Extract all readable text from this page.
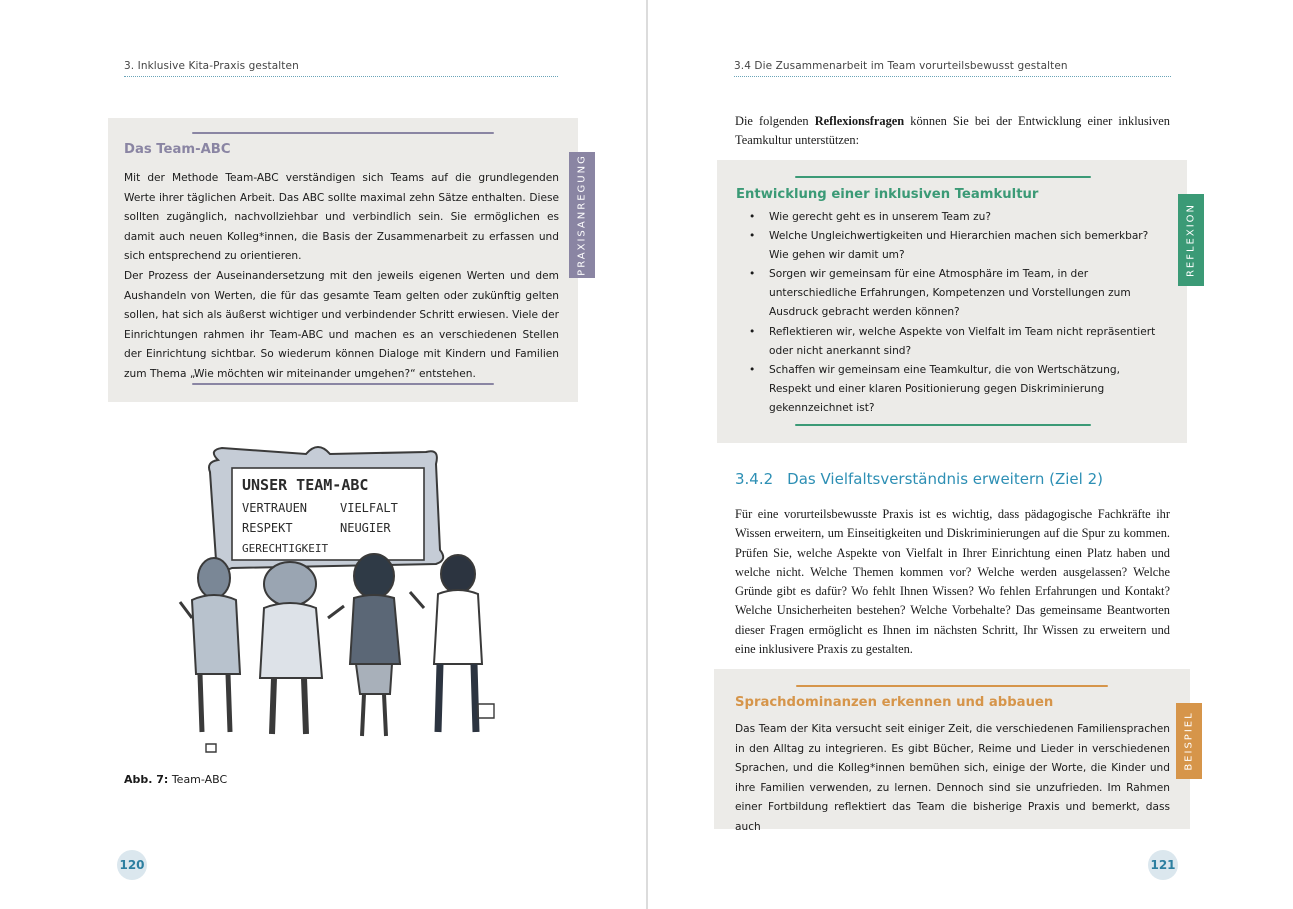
3. Inklusive Kita-Praxis gestalten
Das Team-ABC
Mit der Methode Team-ABC verständigen sich Teams auf die grundlegenden Werte ihrer täglichen Arbeit. Das ABC sollte maximal zehn Sätze enthalten. Diese sollten zugänglich, nachvollziehbar und verbindlich sein. Sie ermöglichen es damit auch neuen Kolleg*innen, die Basis der Zusammenarbeit zu erfassen und sich entsprechend zu orientieren.
Der Prozess der Auseinandersetzung mit den jeweils eigenen Werten und dem Aushandeln von Werten, die für das gesamte Team gelten oder zukünftig gelten sollen, hat sich als äußerst wichtiger und verbindender Schritt erwiesen. Viele der Einrichtungen rahmen ihr Team-ABC und machen es an verschiedenen Stellen der Einrichtung sichtbar. So wiederum können Dialoge mit Kindern und Familien zum Thema „Wie möchten wir miteinander umgehen?“ entstehen.
PRAXISANREGUNG
UNSER TEAM-ABC
VERTRAUEN	VIELFALT
RESPEKT	NEUGIER
GERECHTIGKEIT
Abb. 7: Team-ABC
120
3.4 Die Zusammenarbeit im Team vorurteilsbewusst gestalten
Die folgenden Reflexionsfragen können Sie bei der Entwicklung einer inklusiven Teamkultur unterstützen:
Entwicklung einer inklusiven Teamkultur
• Wie gerecht geht es in unserem Team zu?
• Welche Ungleichwertigkeiten und Hierarchien machen sich bemerkbar? Wie gehen wir damit um?
• Sorgen wir gemeinsam für eine Atmosphäre im Team, in der unterschiedliche Erfahrungen, Kompetenzen und Vorstellungen zum Ausdruck gebracht werden können?
• Reflektieren wir, welche Aspekte von Vielfalt im Team nicht repräsentiert oder nicht anerkannt sind?
• Schaffen wir gemeinsam eine Teamkultur, die von Wertschätzung, Respekt und einer klaren Positionierung gegen Diskriminierung gekennzeichnet ist?
REFLEXION
3.4.2 Das Vielfaltsverständnis erweitern (Ziel 2)
Für eine vorurteilsbewusste Praxis ist es wichtig, dass pädagogische Fachkräfte ihr Wissen erweitern, um Einseitigkeiten und Diskriminierungen auf die Spur zu kommen. Prüfen Sie, welche Aspekte von Vielfalt in Ihrer Einrichtung einen Platz haben und welche nicht. Welche Themen kommen vor? Welche werden ausgelassen? Welche Gründe gibt es dafür? Wo fehlt Ihnen Wissen? Wo fehlen Erfahrungen und Kontakt? Welche Unsicherheiten bestehen? Welche Vorbehalte? Das gemeinsame Beantworten dieser Fragen ermöglicht es Ihnen im nächsten Schritt, Ihr Wissen zu erweitern und eine inklusivere Praxis zu gestalten.
Sprachdominanzen erkennen und abbauen
Das Team der Kita versucht seit einiger Zeit, die verschiedenen Familiensprachen in den Alltag zu integrieren. Es gibt Bücher, Reime und Lieder in verschiedenen Sprachen, und die Kolleg*innen bemühen sich, einige der Worte, die Kinder und ihre Familien verwenden, zu lernen. Dennoch sind sie unzufrieden. Im Rahmen einer Fortbildung reflektiert das Team die bisherige Praxis und bemerkt, dass auch
BEISPIEL
121
